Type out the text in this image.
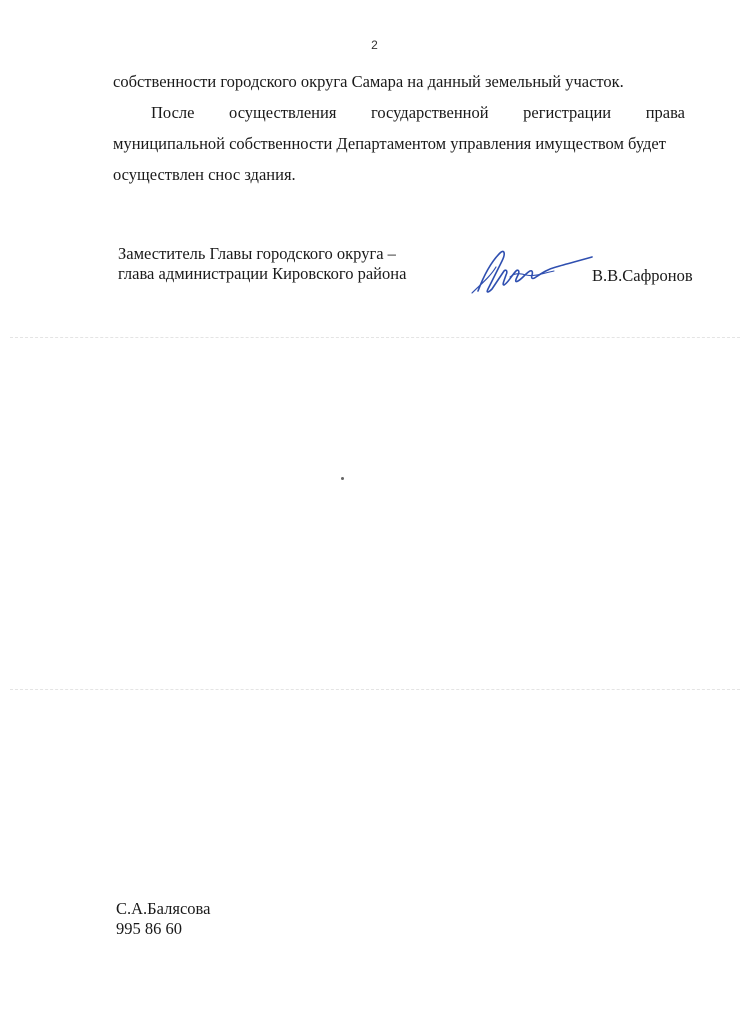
2
собственности городского округа Самара на данный земельный участок.
После осуществления государственной регистрации права
муниципальной собственности Департаментом управления имуществом будет
осуществлен снос здания.
Заместитель Главы городского округа –
глава администрации Кировского района	В.В.Сафронов
С.А.Балясова
995 86 60
